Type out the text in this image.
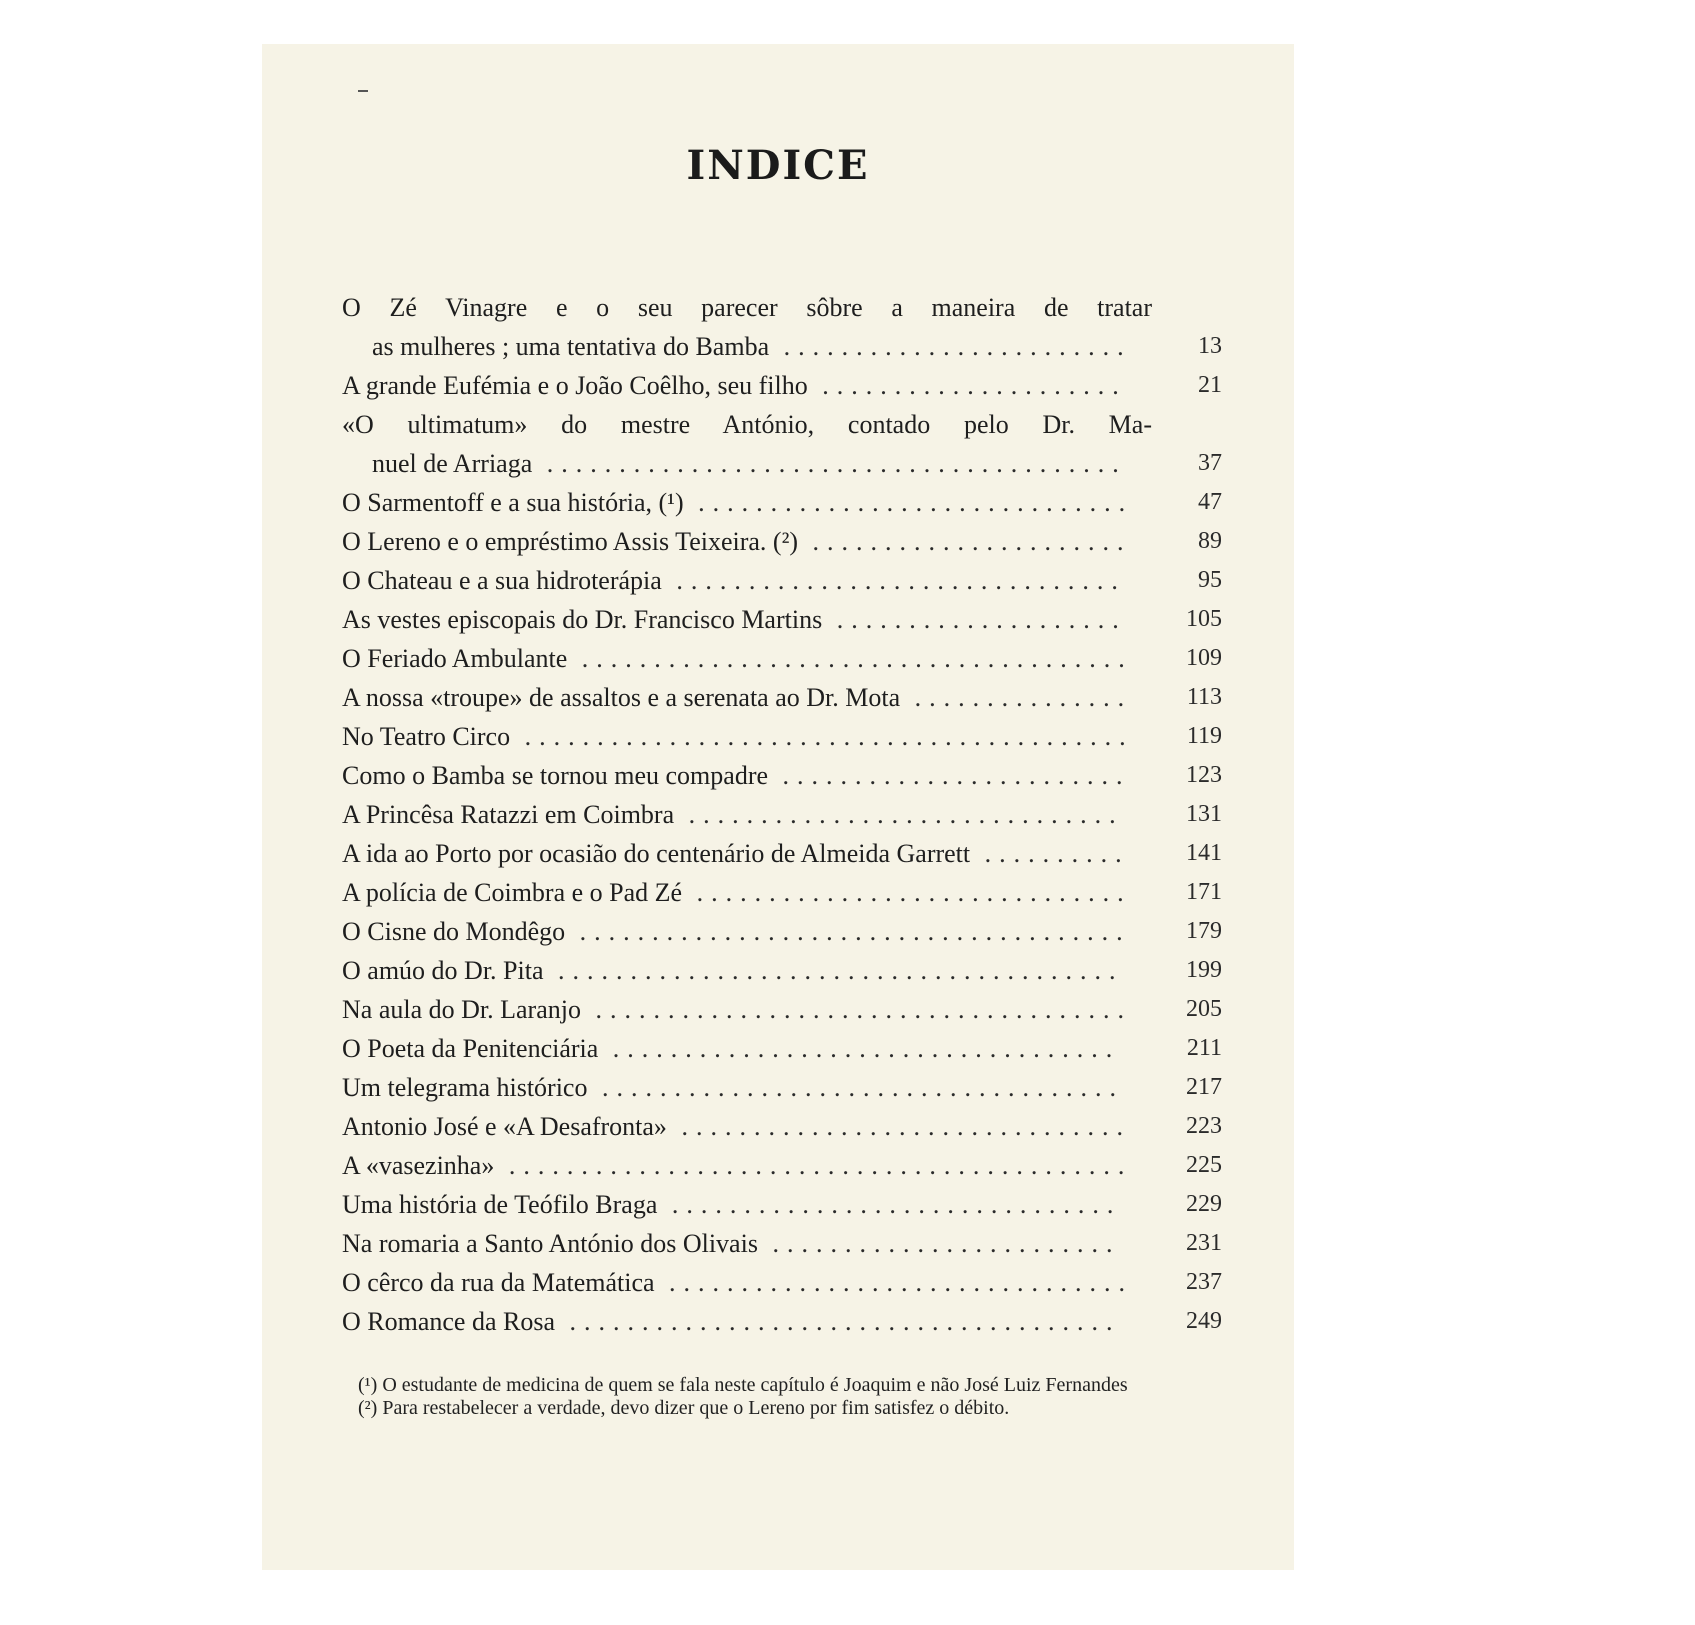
INDICE
O Zé Vinagre e o seu parecer sôbre a maneira de tratar
as mulheres ; uma tentativa do Bamba ........................	13
A grande Eufémia e o João Coêlho, seu filho .....................	21
«O ultimatum» do mestre António, contado pelo Dr. Ma-
nuel de Arriaga ........................................	37
O Sarmentoff e a sua história, (¹) ..............................	47
O Lereno e o empréstimo Assis Teixeira. (²) ......................	89
O Chateau e a sua hidroterápia ...............................	95
As vestes episcopais do Dr. Francisco Martins ....................	105
O Feriado Ambulante ......................................	109
A nossa «troupe» de assaltos e a serenata ao Dr. Mota ...............	113
No Teatro Circo ..........................................	119
Como o Bamba se tornou meu compadre ........................	123
A Princêsa Ratazzi em Coimbra ..............................	131
A ida ao Porto por ocasião do centenário de Almeida Garrett ..........	141
A polícia de Coimbra e o Pad Zé ..............................	171
O Cisne do Mondêgo ......................................	179
O amúo do Dr. Pita .......................................	199
Na aula do Dr. Laranjo .....................................	205
O Poeta da Penitenciária ...................................	211
Um telegrama histórico ....................................	217
Antonio José e «A Desafronta» ...............................	223
A «vasezinha» ...........................................	225
Uma história de Teófilo Braga ...............................	229
Na romaria a Santo António dos Olivais ........................	231
O cêrco da rua da Matemática ................................	237
O Romance da Rosa ......................................	249
(¹) O estudante de medicina de quem se fala neste capítulo é Joaquim e não José Luiz Fernandes
(²) Para restabelecer a verdade, devo dizer que o Lereno por fim satisfez o débito.
